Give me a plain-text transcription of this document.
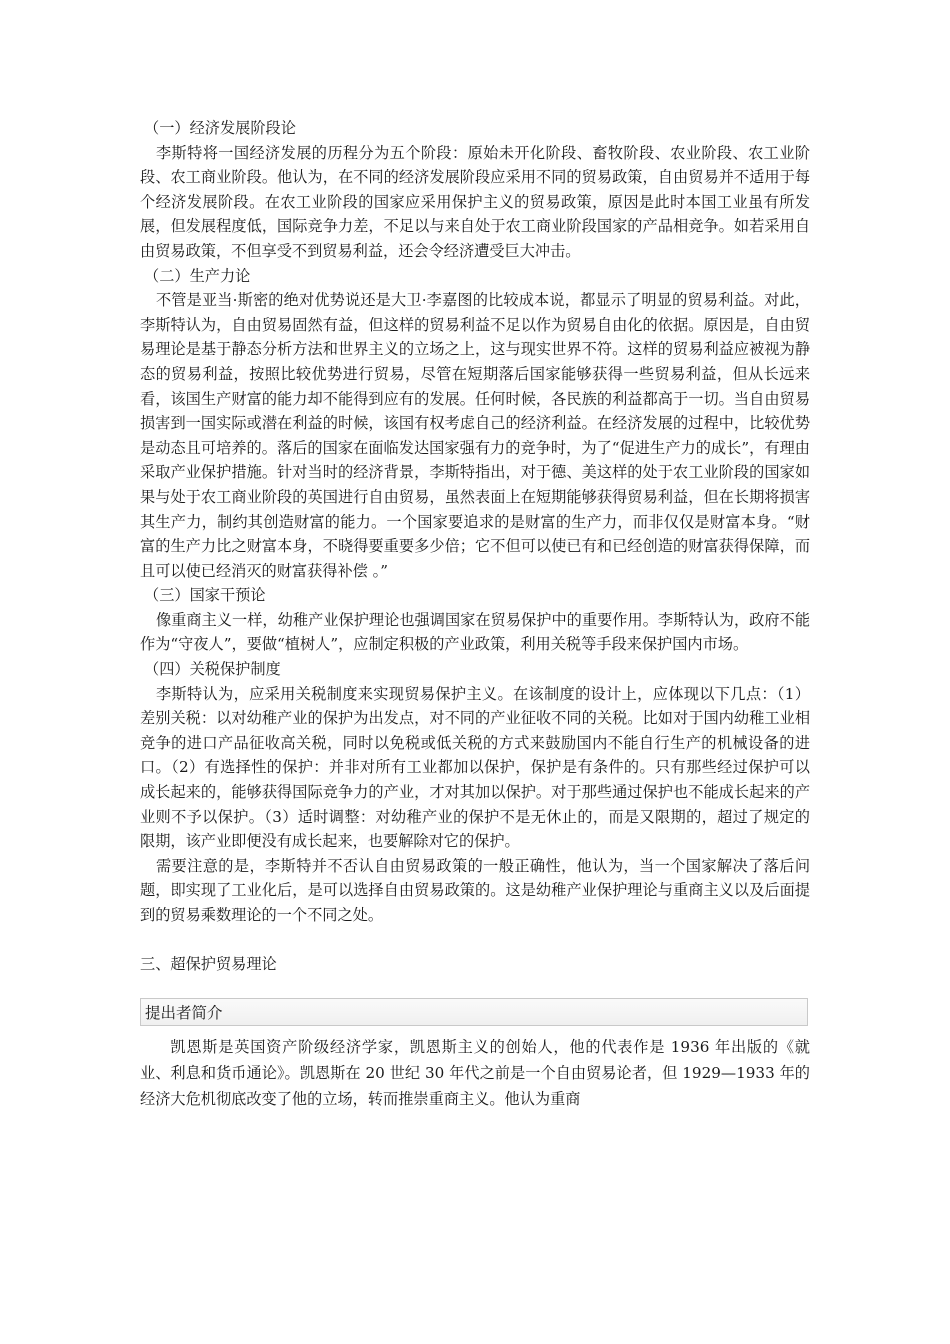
（一）经济发展阶段论

李斯特将一国经济发展的历程分为五个阶段：原始未开化阶段、畜牧阶段、农业阶段、农工业阶段、农工商业阶段。他认为，在不同的经济发展阶段应采用不同的贸易政策，自由贸易并不适用于每个经济发展阶段。在农工业阶段的国家应采用保护主义的贸易政策，原因是此时本国工业虽有所发展，但发展程度低，国际竞争力差，不足以与来自处于农工商业阶段国家的产品相竞争。如若采用自由贸易政策，不但享受不到贸易利益，还会令经济遭受巨大冲击。

（二）生产力论

不管是亚当·斯密的绝对优势说还是大卫·李嘉图的比较成本说，都显示了明显的贸易利益。对此，李斯特认为，自由贸易固然有益，但这样的贸易利益不足以作为贸易自由化的依据。原因是，自由贸易理论是基于静态分析方法和世界主义的立场之上，这与现实世界不符。这样的贸易利益应被视为静态的贸易利益，按照比较优势进行贸易，尽管在短期落后国家能够获得一些贸易利益，但从长远来看，该国生产财富的能力却不能得到应有的发展。任何时候，各民族的利益都高于一切。当自由贸易损害到一国实际或潜在利益的时候，该国有权考虑自己的经济利益。在经济发展的过程中，比较优势是动态且可培养的。落后的国家在面临发达国家强有力的竞争时，为了“促进生产力的成长”，有理由采取产业保护措施。针对当时的经济背景，李斯特指出，对于德、美这样的处于农工业阶段的国家如果与处于农工商业阶段的英国进行自由贸易，虽然表面上在短期能够获得贸易利益，但在长期将损害其生产力，制约其创造财富的能力。一个国家要追求的是财富的生产力，而非仅仅是财富本身。“财富的生产力比之财富本身，不晓得要重要多少倍；它不但可以使已有和已经创造的财富获得保障，而且可以使已经消灭的财富获得补偿 。”

（三）国家干预论

像重商主义一样，幼稚产业保护理论也强调国家在贸易保护中的重要作用。李斯特认为，政府不能作为“守夜人”，要做“植树人”，应制定积极的产业政策，利用关税等手段来保护国内市场。

（四）关税保护制度

李斯特认为，应采用关税制度来实现贸易保护主义。在该制度的设计上，应体现以下几点：（1）差别关税：以对幼稚产业的保护为出发点，对不同的产业征收不同的关税。比如对于国内幼稚工业相竞争的进口产品征收高关税，同时以免税或低关税的方式来鼓励国内不能自行生产的机械设备的进口。（2）有选择性的保护：并非对所有工业都加以保护，保护是有条件的。只有那些经过保护可以成长起来的，能够获得国际竞争力的产业，才对其加以保护。对于那些通过保护也不能成长起来的产业则不予以保护。（3）适时调整：对幼稚产业的保护不是无休止的，而是又限期的，超过了规定的限期，该产业即便没有成长起来，也要解除对它的保护。

需要注意的是，李斯特并不否认自由贸易政策的一般正确性，他认为，当一个国家解决了落后问题，即实现了工业化后，是可以选择自由贸易政策的。这是幼稚产业保护理论与重商主义以及后面提到的贸易乘数理论的一个不同之处。

三、超保护贸易理论

提出者简介

凯恩斯是英国资产阶级经济学家，凯恩斯主义的创始人，他的代表作是 1936 年出版的《就业、利息和货币通论》。凯恩斯在 20 世纪 30 年代之前是一个自由贸易论者，但 1929—1933 年的经济大危机彻底改变了他的立场，转而推崇重商主义。他认为重商
